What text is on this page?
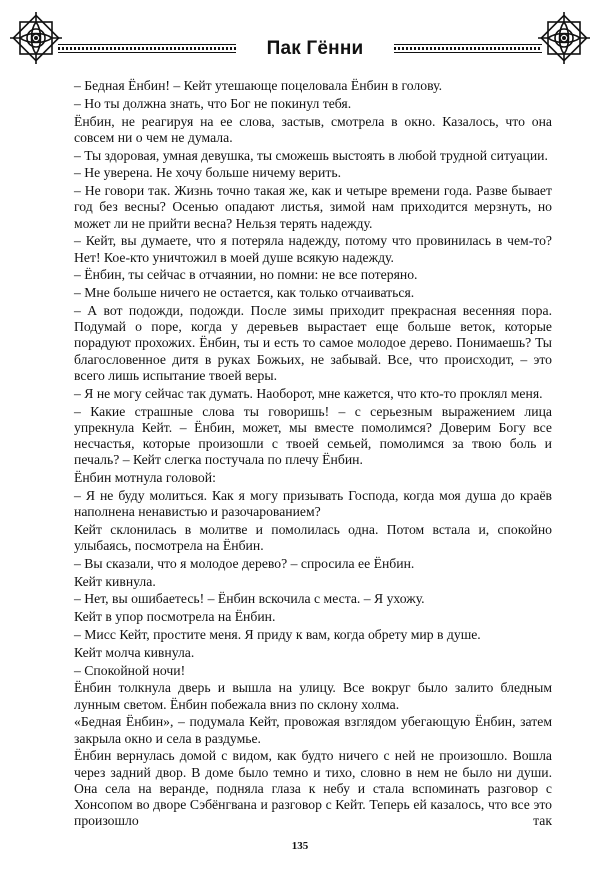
Пак Гённи

– Бедная Ёнбин! – Кейт утешающе поцеловала Ёнбин в голову.

– Но ты должна знать, что Бог не покинул тебя.

Ёнбин, не реагируя на ее слова, застыв, смотрела в окно. Казалось, что она совсем ни о чем не думала.

– Ты здоровая, умная девушка, ты сможешь выстоять в любой трудной ситуации.

– Не уверена. Не хочу больше ничему верить.

– Не говори так. Жизнь точно такая же, как и четыре времени года. Разве бывает год без весны? Осенью опадают листья, зимой нам приходится мерзнуть, но может ли не прийти весна? Нельзя терять надежду.

– Кейт, вы думаете, что я потеряла надежду, потому что провинилась в чем-то? Нет! Кое-кто уничтожил в моей душе всякую надежду.

– Ёнбин, ты сейчас в отчаянии, но помни: не все потеряно.

– Мне больше ничего не остается, как только отчаиваться.

– А вот подожди, подожди. После зимы приходит прекрасная весенняя пора. Подумай о поре, когда у деревьев вырастает еще больше веток, которые порадуют прохожих. Ёнбин, ты и есть то самое молодое дерево. Понимаешь? Ты благословенное дитя в руках Божьих, не забывай. Все, что происходит, – это всего лишь испытание твоей веры.

– Я не могу сейчас так думать. Наоборот, мне кажется, что кто-то проклял меня.

– Какие страшные слова ты говоришь! – с серьезным выражением лица упрекнула Кейт. – Ёнбин, может, мы вместе помолимся? Доверим Богу все несчастья, которые произошли с твоей семьей, помолимся за твою боль и печаль? – Кейт слегка постучала по плечу Ёнбин.

Ёнбин мотнула головой:

– Я не буду молиться. Как я могу призывать Господа, когда моя душа до краёв наполнена ненавистью и разочарованием?

Кейт склонилась в молитве и помолилась одна. Потом встала и, спокойно улыбаясь, посмотрела на Ёнбин.

– Вы сказали, что я молодое дерево? – спросила ее Ёнбин.

Кейт кивнула.

– Нет, вы ошибаетесь! – Ёнбин вскочила с места. – Я ухожу.

Кейт в упор посмотрела на Ёнбин.

– Мисс Кейт, простите меня. Я приду к вам, когда обрету мир в душе.

Кейт молча кивнула.

– Спокойной ночи!

Ёнбин толкнула дверь и вышла на улицу. Все вокруг было залито бледным лунным светом. Ёнбин побежала вниз по склону холма.

«Бедная Ёнбин», – подумала Кейт, провожая взглядом убегающую Ёнбин, затем закрыла окно и села в раздумье.

Ёнбин вернулась домой с видом, как будто ничего с ней не произошло. Вошла через задний двор. В доме было темно и тихо, словно в нем не было ни души. Она села на веранде, подняла глаза к небу и стала вспоминать разговор с Хонсопом во дворе Сэбёнгвана и разговор с Кейт. Теперь ей казалось, что все это произошло так

135
